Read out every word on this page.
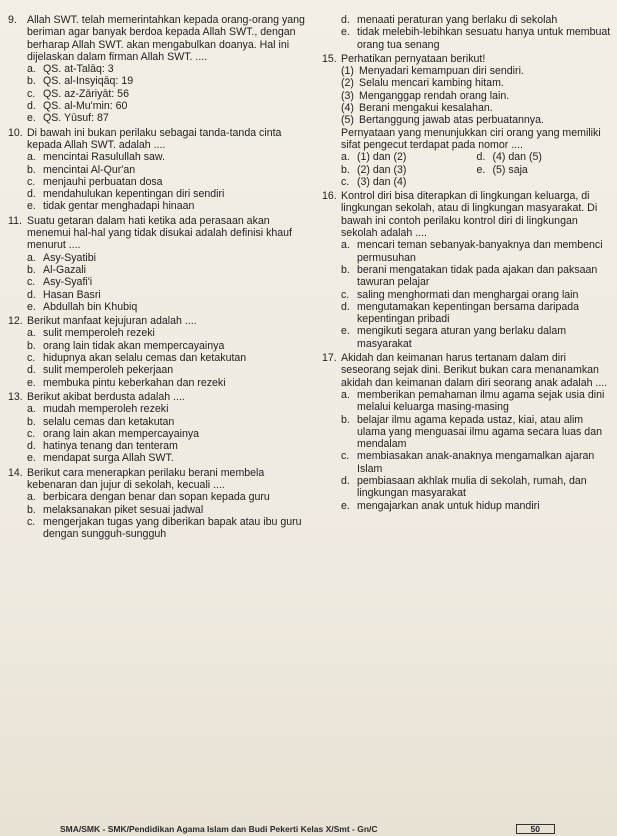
9. Allah SWT. telah memerintahkan kepada orang-orang yang beriman agar banyak berdoa kepada Allah SWT., dengan berharap Allah SWT. akan mengabulkan doanya. Hal ini dijelaskan dalam firman Allah SWT. ....
a. QS. at-Talāq: 3
b. QS. al-Insyiqāq: 19
c. QS. az-Zāriyāt: 56
d. QS. al-Mu'min: 60
e. QS. Yūsuf: 87
10. Di bawah ini bukan perilaku sebagai tanda-tanda cinta kepada Allah SWT. adalah ....
a. mencintai Rasulullah saw.
b. mencintai Al-Qur'an
c. menjauhi perbuatan dosa
d. mendahulukan kepentingan diri sendiri
e. tidak gentar menghadapi hinaan
11. Suatu getaran dalam hati ketika ada perasaan akan menemui hal-hal yang tidak disukai adalah definisi khauf menurut ....
a. Asy-Syatibi
b. Al-Gazali
c. Asy-Syafi'i
d. Hasan Basri
e. Abdullah bin Khubiq
12. Berikut manfaat kejujuran adalah ....
a. sulit memperoleh rezeki
b. orang lain tidak akan mempercayainya
c. hidupnya akan selalu cemas dan ketakutan
d. sulit memperoleh pekerjaan
e. membuka pintu keberkahan dan rezeki
13. Berikut akibat berdusta adalah ....
a. mudah memperoleh rezeki
b. selalu cemas dan ketakutan
c. orang lain akan mempercayainya
d. hatinya tenang dan tenteram
e. mendapat surga Allah SWT.
14. Berikut cara menerapkan perilaku berani membela kebenaran dan jujur di sekolah, kecuali ....
a. berbicara dengan benar dan sopan kepada guru
b. melaksanakan piket sesuai jadwal
c. mengerjakan tugas yang diberikan bapak atau ibu guru dengan sungguh-sungguh
d. menaati peraturan yang berlaku di sekolah
e. tidak melebih-lebihkan sesuatu hanya untuk membuat orang tua senang
15. Perhatikan pernyataan berikut!
(1) Menyadari kemampuan diri sendiri.
(2) Selalu mencari kambing hitam.
(3) Menganggap rendah orang lain.
(4) Berani mengakui kesalahan.
(5) Bertanggung jawab atas perbuatannya.
Pernyataan yang menunjukkan ciri orang yang memiliki sifat pengecut terdapat pada nomor ....
a. (1) dan (2)	d. (4) dan (5)
b. (2) dan (3)	e. (5) saja
c. (3) dan (4)
16. Kontrol diri bisa diterapkan di lingkungan keluarga, di lingkungan sekolah, atau di lingkungan masyarakat. Di bawah ini contoh perilaku kontrol diri di lingkungan sekolah adalah ....
a. mencari teman sebanyak-banyaknya dan membenci permusuhan
b. berani mengatakan tidak pada ajakan dan paksaan tawuran pelajar
c. saling menghormati dan menghargai orang lain
d. mengutamakan kepentingan bersama daripada kepentingan pribadi
e. mengikuti segara aturan yang berlaku dalam masyarakat
17. Akidah dan keimanan harus tertanam dalam diri seseorang sejak dini. Berikut bukan cara menanamkan akidah dan keimanan dalam diri seorang anak adalah ....
a. memberikan pemahaman ilmu agama sejak usia dini melalui keluarga masing-masing
b. belajar ilmu agama kepada ustaz, kiai, atau alim ulama yang menguasai ilmu agama secara luas dan mendalam
c. membiasakan anak-anaknya mengamalkan ajaran Islam
d. pembiasaan akhlak mulia di sekolah, rumah, dan lingkungan masyarakat
e. mengajarkan anak untuk hidup mandiri
SMA/SMK - SMK/Pendidikan Agama Islam dan Budi Pekerti Kelas X/Smt - Gn/C	50
